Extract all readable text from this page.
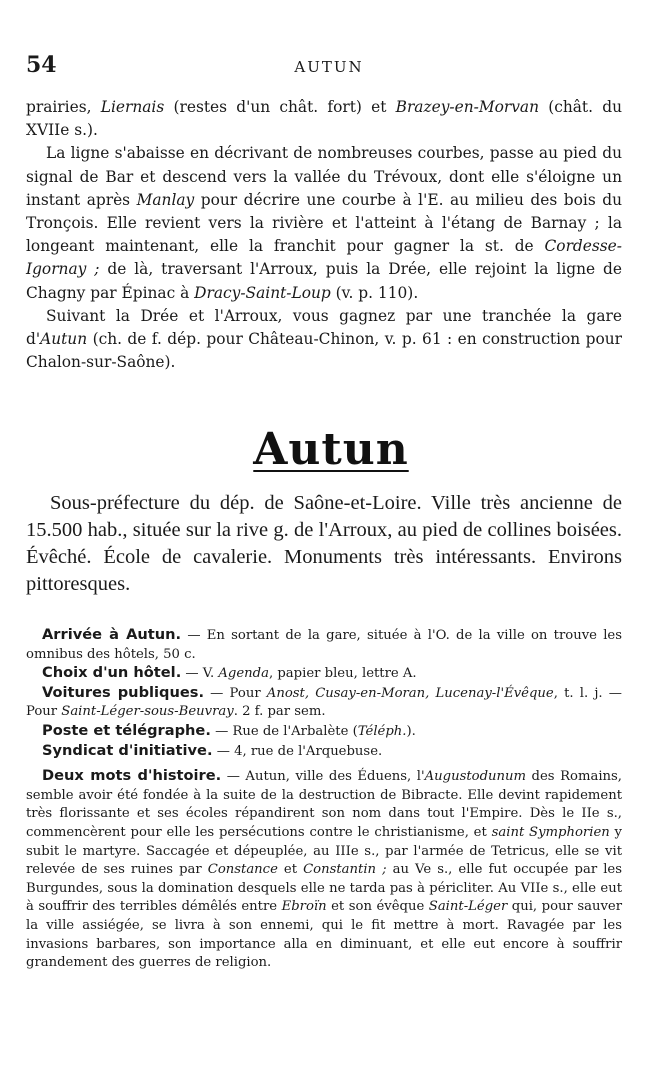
54	AUTUN

prairies, Liernais (restes d'un chât. fort) et Brazey-en-Morvan (chât. du XVIIe s.).

La ligne s'abaisse en décrivant de nombreuses courbes, passe au pied du signal de Bar et descend vers la vallée du Trévoux, dont elle s'éloigne un instant après Manlay pour décrire une courbe à l'E. au milieu des bois du Tronçois. Elle revient vers la rivière et l'atteint à l'étang de Barnay ; la longeant maintenant, elle la franchit pour gagner la st. de Cordesse-Igornay ; de là, traversant l'Arroux, puis la Drée, elle rejoint la ligne de Chagny par Épinac à Dracy-Saint-Loup (v. p. 110).

Suivant la Drée et l'Arroux, vous gagnez par une tranchée la gare d'Autun (ch. de f. dép. pour Château-Chinon, v. p. 61 : en construction pour Chalon-sur-Saône).

Autun

Sous-préfecture du dép. de Saône-et-Loire. Ville très ancienne de 15.500 hab., située sur la rive g. de l'Arroux, au pied de collines boisées. Évêché. École de cavalerie. Monuments très intéressants. Environs pittoresques.

Arrivée à Autun. — En sortant de la gare, située à l'O. de la ville on trouve les omnibus des hôtels, 50 c.

Choix d'un hôtel. — V. Agenda, papier bleu, lettre A.

Voitures publiques. — Pour Anost, Cusay-en-Moran, Lucenay-l'Évêque, t. l. j. — Pour Saint-Léger-sous-Beuvray. 2 f. par sem.

Poste et télégraphe. — Rue de l'Arbalète (Téléph.).

Syndicat d'initiative. — 4, rue de l'Arquebuse.

Deux mots d'histoire. — Autun, ville des Éduens, l'Augustodunum des Romains, semble avoir été fondée à la suite de la destruction de Bibracte. Elle devint rapidement très florissante et ses écoles répandirent son nom dans tout l'Empire. Dès le IIe s., commencèrent pour elle les persécutions contre le christianisme, et saint Symphorien y subit le martyre. Saccagée et dépeuplée, au IIIe s., par l'armée de Tetricus, elle se vit relevée de ses ruines par Constance et Constantin ; au Ve s., elle fut occupée par les Burgundes, sous la domination desquels elle ne tarda pas à péricliter. Au VIIe s., elle eut à souffrir des terribles démêlés entre Ebroïn et son évêque Saint-Léger qui, pour sauver la ville assiégée, se livra à son ennemi, qui le fit mettre à mort. Ravagée par les invasions barbares, son importance alla en diminuant, et elle eut encore à souffrir grandement des guerres de religion.
